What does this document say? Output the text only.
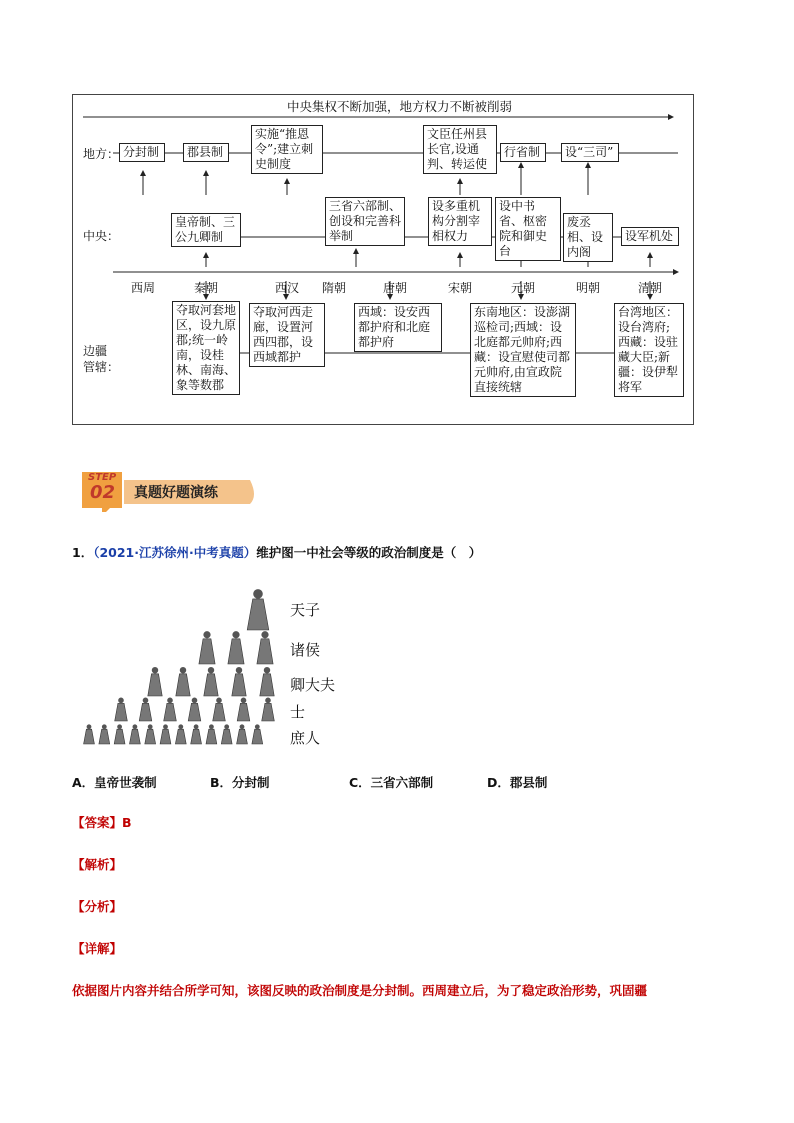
中央集权不断加强，地方权力不断被削弱
地方：
中央：
边疆
管辖：
分封制	郡县制
实施“推恩令”;建立刺史制度
文臣任州县长官,设通判、转运使
行省制	设“三司”
皇帝制、三公九卿制
三省六部制、创设和完善科举制
设多重机构分割宰相权力
设中书省、枢密院和御史台
废丞相、设内阁
设军机处
西周	秦朝	西汉	隋朝	唐朝	宋朝	元朝	明朝	清朝
夺取河套地区，设九原郡;统一岭南，设桂林、南海、象等数郡
夺取河西走廊，设置河西四郡，设西域都护
西域：设安西都护府和北庭都护府
东南地区：设澎湖巡检司;西域：设北庭都元帅府;西藏：设宣慰使司都元帅府,由宣政院直接统辖
台湾地区：设台湾府;西藏：设驻藏大臣;新疆：设伊犁将军
STEP
02 真题好题演练
1．（2021·江苏徐州·中考真题）维护图一中社会等级的政治制度是（　）
天子
诸侯
卿大夫
士
庶人
A．皇帝世袭制	B．分封制	C．三省六部制	D．郡县制
【答案】B
【解析】
【分析】
【详解】
依据图片内容并结合所学可知，该图反映的政治制度是分封制。西周建立后，为了稳定政治形势，巩固疆
